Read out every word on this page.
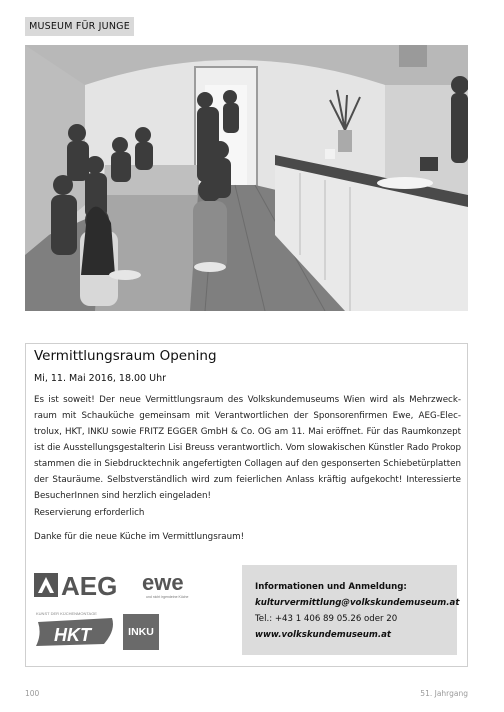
MUSEUM FÜR JUNGE
Vermittlungsraum Opening
Mi, 11. Mai 2016, 18.00 Uhr

Es ist soweit! Der neue Vermittlungsraum des Volkskundemuseums Wien wird als Mehrzweckraum mit Schauküche gemeinsam mit Verantwortlichen der Sponsorenfirmen Ewe, AEG-Electrolux, HKT, INKU sowie FRITZ EGGER GmbH & Co. OG am 11. Mai eröffnet. Für das Raumkonzept ist die Ausstellungsgestalterin Lisi Breuss verantwortlich. Vom slowakischen Künstler Rado Prokop stammen die in Siebdrucktechnik angefertigten Collagen auf den gesponserten Schiebetürplatten der Stauräume. Selbstverständlich wird zum feierlichen Anlass kräftig aufgekocht! Interessierte BesucherInnen sind herzlich eingeladen!

Reservierung erforderlich
Danke für die neue Küche im Vermittlungsraum!
AEG ewe
und nicht irgendeine Küche
KUNST DER KÜCHENMONTAGE
HKT	INKU
Informationen und Anmeldung:
kulturvermittlung@volkskundemuseum.at
Tel.: +43 1 406 89 05.26 oder 20
www.volkskundemuseum.at
100	51. Jahrgang
